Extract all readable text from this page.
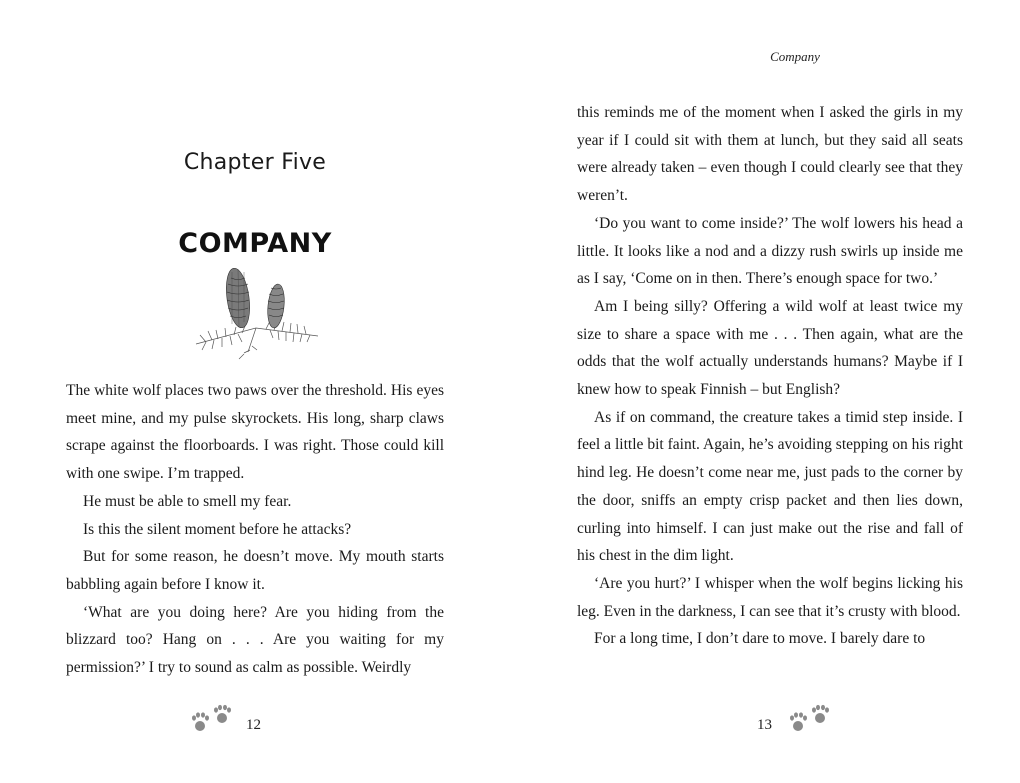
Chapter Five
COMPANY

The white wolf places two paws over the threshold. His eyes meet mine, and my pulse skyrockets. His long, sharp claws scrape against the floorboards. I was right. Those could kill with one swipe. I’m trapped.

He must be able to smell my fear.

Is this the silent moment before he attacks?

But for some reason, he doesn’t move. My mouth starts babbling again before I know it.

‘What are you doing here? Are you hiding from the blizzard too? Hang on . . . Are you waiting for my permission?’ I try to sound as calm as possible. Weirdly

12
Company

this reminds me of the moment when I asked the girls in my year if I could sit with them at lunch, but they said all seats were already taken – even though I could clearly see that they weren’t.

‘Do you want to come inside?’ The wolf lowers his head a little. It looks like a nod and a dizzy rush swirls up inside me as I say, ‘Come on in then. There’s enough space for two.’

Am I being silly? Offering a wild wolf at least twice my size to share a space with me . . . Then again, what are the odds that the wolf actually understands humans? Maybe if I knew how to speak Finnish – but English?

As if on command, the creature takes a timid step inside. I feel a little bit faint. Again, he’s avoiding stepping on his right hind leg. He doesn’t come near me, just pads to the corner by the door, sniffs an empty crisp packet and then lies down, curling into himself. I can just make out the rise and fall of his chest in the dim light.

‘Are you hurt?’ I whisper when the wolf begins licking his leg. Even in the darkness, I can see that it’s crusty with blood.

For a long time, I don’t dare to move. I barely dare to

13
